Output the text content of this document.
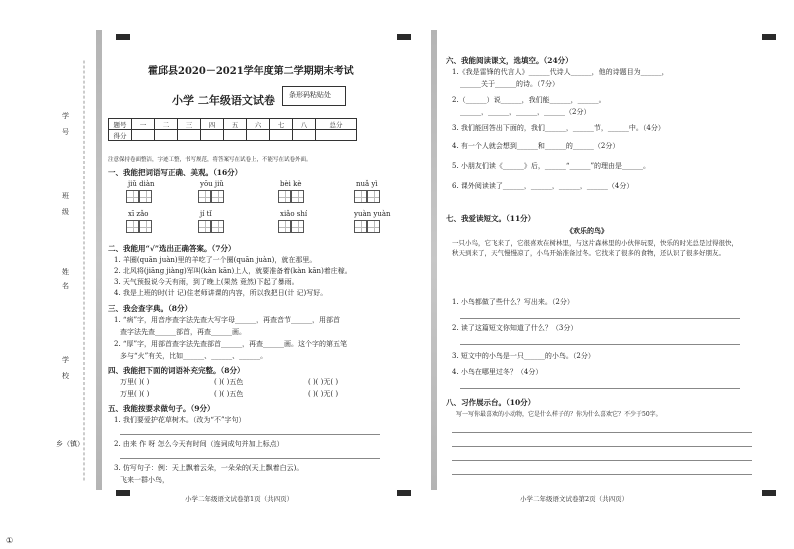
学
号
班
级
姓
名
学
校
乡（镇）
霍邱县2020－2021学年度第二学期期末考试
小学 二年级语文试卷 条形码粘贴处
题号	一	二	三	四	五	六	七	八	总分
得分									
注意保持卷面整洁，字迹工整，书写规范，将答案写在试卷上，不能写在试卷外面。
一、我能把词语写正确、美观。（16分）
jiǔ diàn	yōu jiǔ	bèi kè	nuǎ yì
xī zǎo	jí tǐ	xiǎo shí	yuàn yuàn
二、我能用“√”选出正确答案。（7分）
1. 羊圈(quān juàn)里的羊吃了一个圈(quān juàn)，就在那里。
2. 北风将(jiāng jiàng)军叫(kàn kān)上人，就要准备着(kàn kān)着庄稼。
3. 天气预报说今天有雨，到了晚上(果然 竟然)下起了暴雨。
4. 我是上班的时(计 记)住老师讲课的内容，所以我把日(计 记)写好。
三、我会查字典。（8分）
1. “病”字，用音序查字法先查大写字母______，再查音节______，用部首
查字法先查______部首，再查______画。
2. “厚”字，用部首查字法先查部首______，再查______画。这个字的第五笔
多与“火”有关，比如______、______、______。
四、我能把下面的词语补充完整。（8分）
万里( )( )	( )( )五色	( )( )无( )
万里( )( )	( )( )五色	( )( )无( )
五、我能按要求做句子。（9分）
1. 我们要爱护花草树木。（改为“不”字句）
2. 由来 作 呀 怎么今天有时间（连词成句并加上标点）
3. 仿写句子：例：天上飘着云朵，一朵朵的(天上飘着白云)。
飞来一群小鸟，
小学二年级语文试卷第1页（共四页）
六、我能阅读课文，选填空。（24分）
1.《我是雷锋的代言人》______代诗人______，他的诗题目为______，
______关于______的诗。（7分）
2.（______）说______，我们能______，______。
______，______，______，______（2分）
3. 我们能回答出下面的，我们______，______节，______中。（4分）
4. 有一个人就会想到______和______的______（2分）
5. 小朋友们读《______》后，______“______”的理由是______。
6. 课外阅读读了______，______，______，______（4分）
七、我爱读短文。（11分）
《欢乐的鸟》
一只小鸟，它飞来了，它很喜欢在树林里，与这片森林里的小伙伴玩耍，快乐的时光总是过得很快，秋天到来了，天气慢慢凉了，小鸟开始准备过冬。它找来了很多的食物，还认识了很多好朋友。
1. 小鸟都做了些什么？写出来。（2分）
2. 读了这篇短文你知道了什么？（3分）
3. 短文中的小鸟是一只______的小鸟。（2分）
4. 小鸟在哪里过冬？（4分）
八、习作展示台。（10分）
写一写你最喜欢的小动物，它是什么样子的？你为什么喜欢它？不少于50字。
小学二年级语文试卷第2页（共四页）
①
